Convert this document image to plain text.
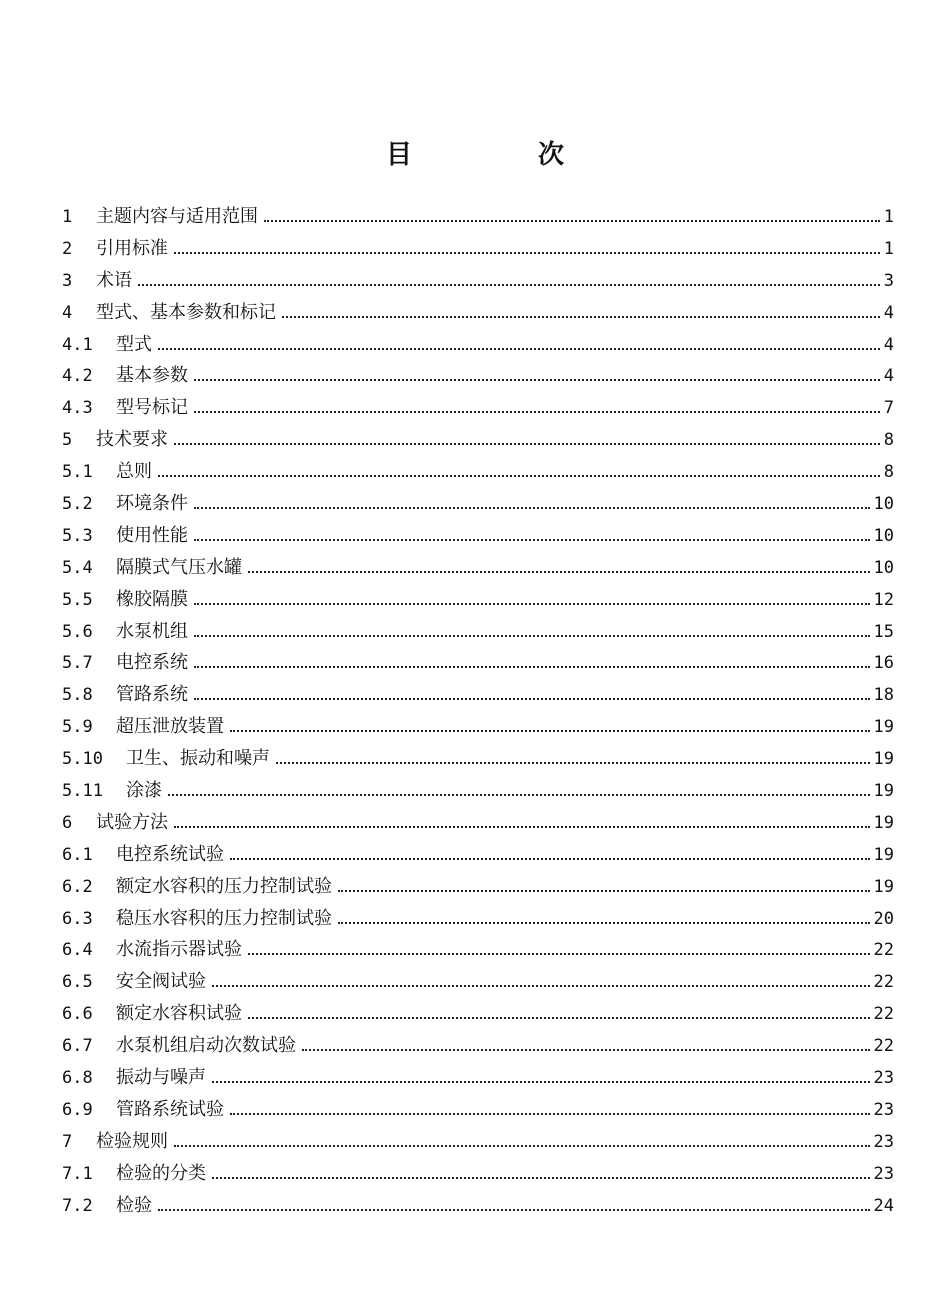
目　次
1	主题内容与适用范围	1
2	引用标准	1
3	术语	3
4	型式、基本参数和标记	4
4.1	型式	4
4.2	基本参数	4
4.3	型号标记	7
5	技术要求	8
5.1	总则	8
5.2	环境条件	10
5.3	使用性能	10
5.4	隔膜式气压水罐	10
5.5	橡胶隔膜	12
5.6	水泵机组	15
5.7	电控系统	16
5.8	管路系统	18
5.9	超压泄放装置	19
5.10	卫生、振动和噪声	19
5.11	涂漆	19
6	试验方法	19
6.1	电控系统试验	19
6.2	额定水容积的压力控制试验	19
6.3	稳压水容积的压力控制试验	20
6.4	水流指示器试验	22
6.5	安全阀试验	22
6.6	额定水容积试验	22
6.7	水泵机组启动次数试验	22
6.8	振动与噪声	23
6.9	管路系统试验	23
7	检验规则	23
7.1	检验的分类	23
7.2	检验	24
